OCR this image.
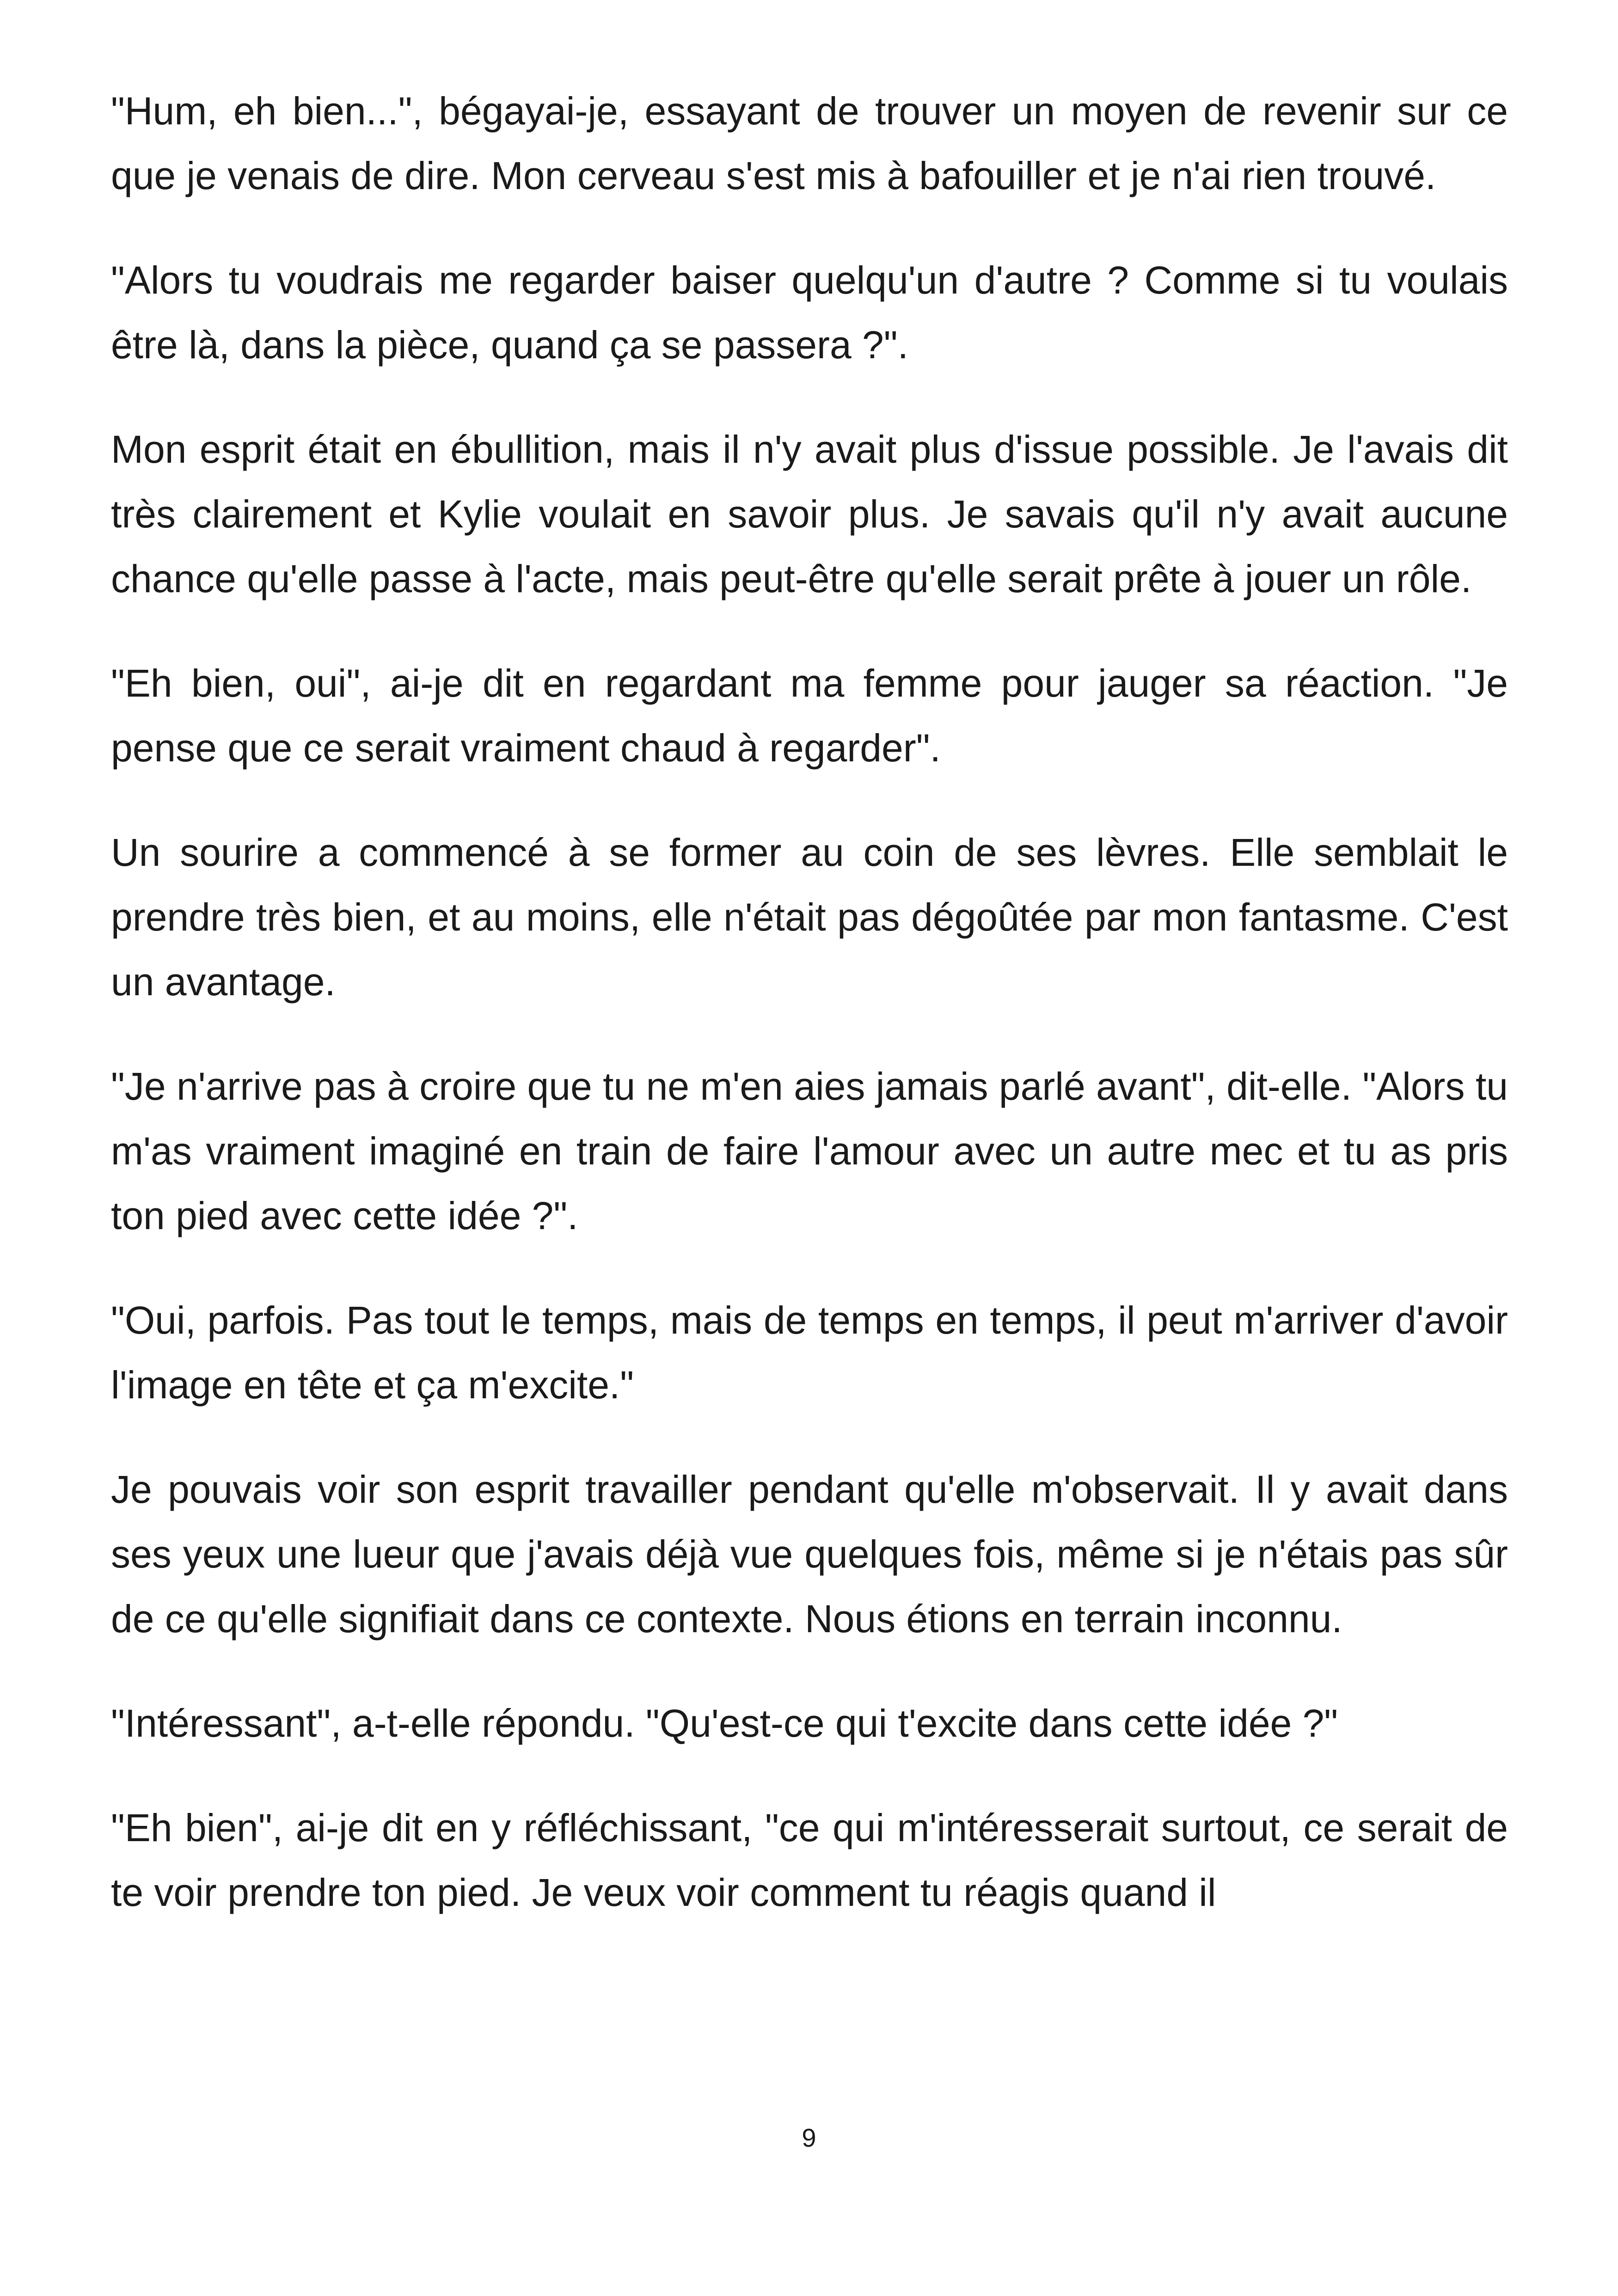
"Hum, eh bien...", bégayai-je, essayant de trouver un moyen de revenir sur ce que je venais de dire. Mon cerveau s'est mis à bafouiller et je n'ai rien trouvé.

"Alors tu voudrais me regarder baiser quelqu'un d'autre ? Comme si tu voulais être là, dans la pièce, quand ça se passera ?".

Mon esprit était en ébullition, mais il n'y avait plus d'issue possible. Je l'avais dit très clairement et Kylie voulait en savoir plus. Je savais qu'il n'y avait aucune chance qu'elle passe à l'acte, mais peut-être qu'elle serait prête à jouer un rôle.

"Eh bien, oui", ai-je dit en regardant ma femme pour jauger sa réaction. "Je pense que ce serait vraiment chaud à regarder".

Un sourire a commencé à se former au coin de ses lèvres. Elle semblait le prendre très bien, et au moins, elle n'était pas dégoûtée par mon fantasme. C'est un avantage.

"Je n'arrive pas à croire que tu ne m'en aies jamais parlé avant", dit-elle. "Alors tu m'as vraiment imaginé en train de faire l'amour avec un autre mec et tu as pris ton pied avec cette idée ?".

"Oui, parfois. Pas tout le temps, mais de temps en temps, il peut m'arriver d'avoir l'image en tête et ça m'excite."

Je pouvais voir son esprit travailler pendant qu'elle m'observait. Il y avait dans ses yeux une lueur que j'avais déjà vue quelques fois, même si je n'étais pas sûr de ce qu'elle signifiait dans ce contexte. Nous étions en terrain inconnu.

"Intéressant", a-t-elle répondu. "Qu'est-ce qui t'excite dans cette idée ?"

"Eh bien", ai-je dit en y réfléchissant, "ce qui m'intéresserait surtout, ce serait de te voir prendre ton pied. Je veux voir comment tu réagis quand il

9
